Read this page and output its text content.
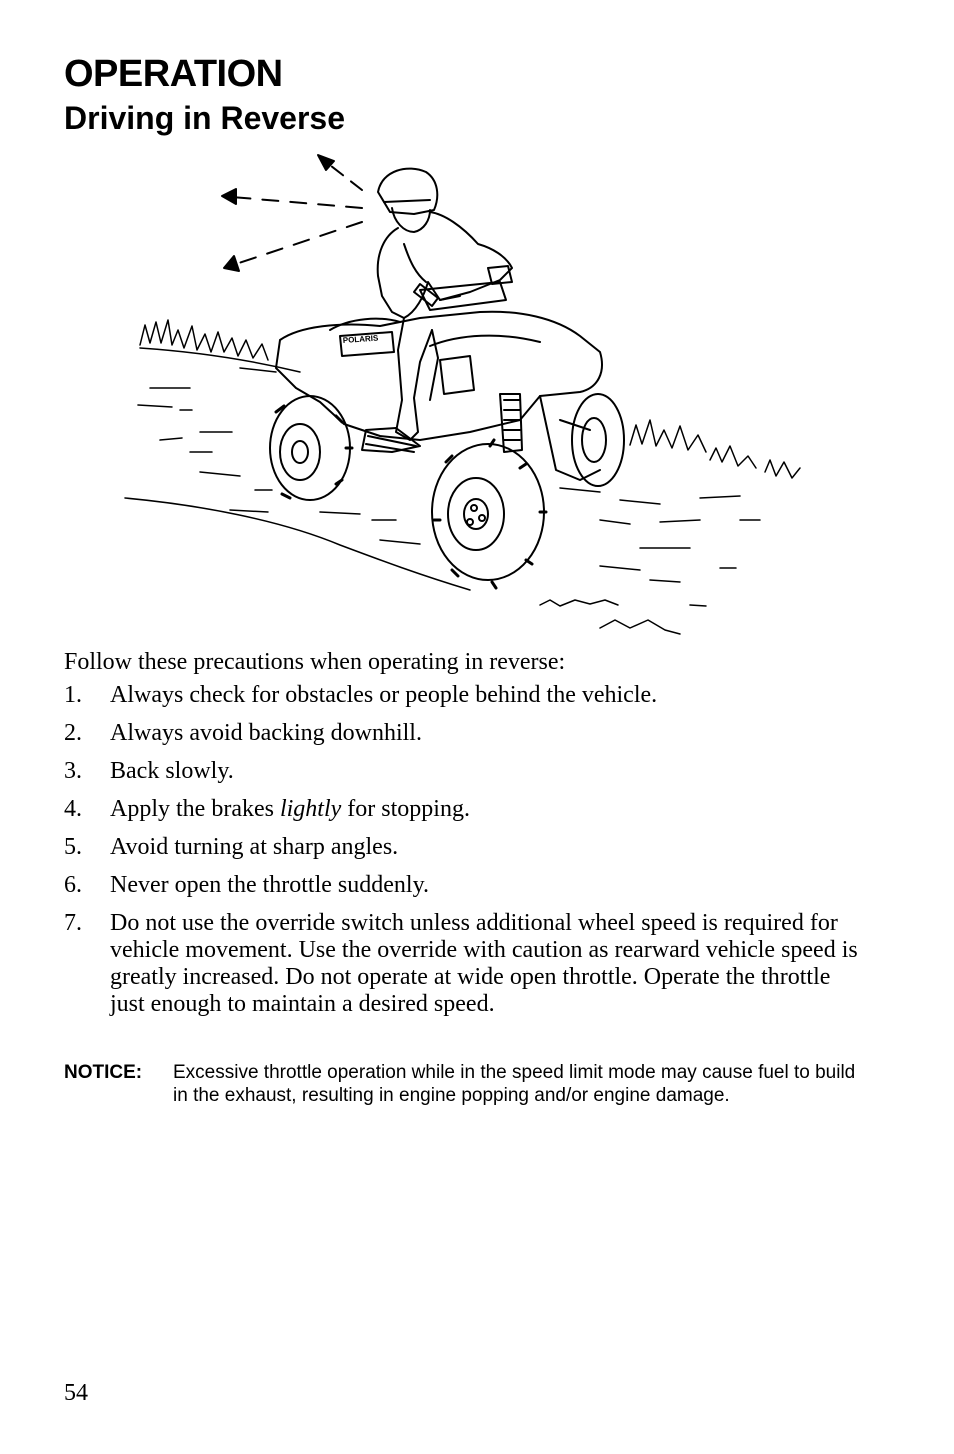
OPERATION
Driving in Reverse
POLARIS

Follow these precautions when operating in reverse:

1. Always check for obstacles or people behind the vehicle.
2. Always avoid backing downhill.
3. Back slowly.
4. Apply the brakes lightly for stopping.
5. Avoid turning at sharp angles.
6. Never open the throttle suddenly.
7. Do not use the override switch unless additional wheel speed is required for vehicle movement. Use the override with caution as rearward vehicle speed is greatly increased. Do not operate at wide open throttle. Operate the throttle just enough to maintain a desired speed.
NOTICE: Excessive throttle operation while in the speed limit mode may cause fuel to build in the exhaust, resulting in engine popping and/or engine damage.
54
